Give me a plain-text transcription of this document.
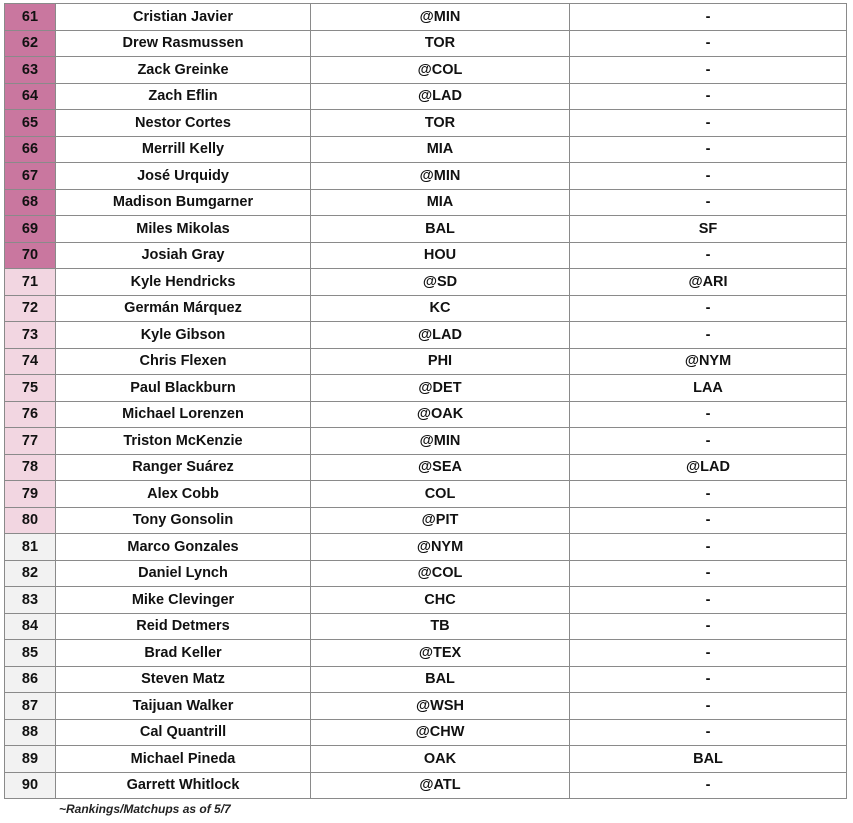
61	Cristian Javier	@MIN	-
62	Drew Rasmussen	TOR	-
63	Zack Greinke	@COL	-
64	Zach Eflin	@LAD	-
65	Nestor Cortes	TOR	-
66	Merrill Kelly	MIA	-
67	José Urquidy	@MIN	-
68	Madison Bumgarner	MIA	-
69	Miles Mikolas	BAL	SF
70	Josiah Gray	HOU	-
71	Kyle Hendricks	@SD	@ARI
72	Germán Márquez	KC	-
73	Kyle Gibson	@LAD	-
74	Chris Flexen	PHI	@NYM
75	Paul Blackburn	@DET	LAA
76	Michael Lorenzen	@OAK	-
77	Triston McKenzie	@MIN	-
78	Ranger Suárez	@SEA	@LAD
79	Alex Cobb	COL	-
80	Tony Gonsolin	@PIT	-
81	Marco Gonzales	@NYM	-
82	Daniel Lynch	@COL	-
83	Mike Clevinger	CHC	-
84	Reid Detmers	TB	-
85	Brad Keller	@TEX	-
86	Steven Matz	BAL	-
87	Taijuan Walker	@WSH	-
88	Cal Quantrill	@CHW	-
89	Michael Pineda	OAK	BAL
90	Garrett Whitlock	@ATL	-

~Rankings/Matchups as of 5/7
